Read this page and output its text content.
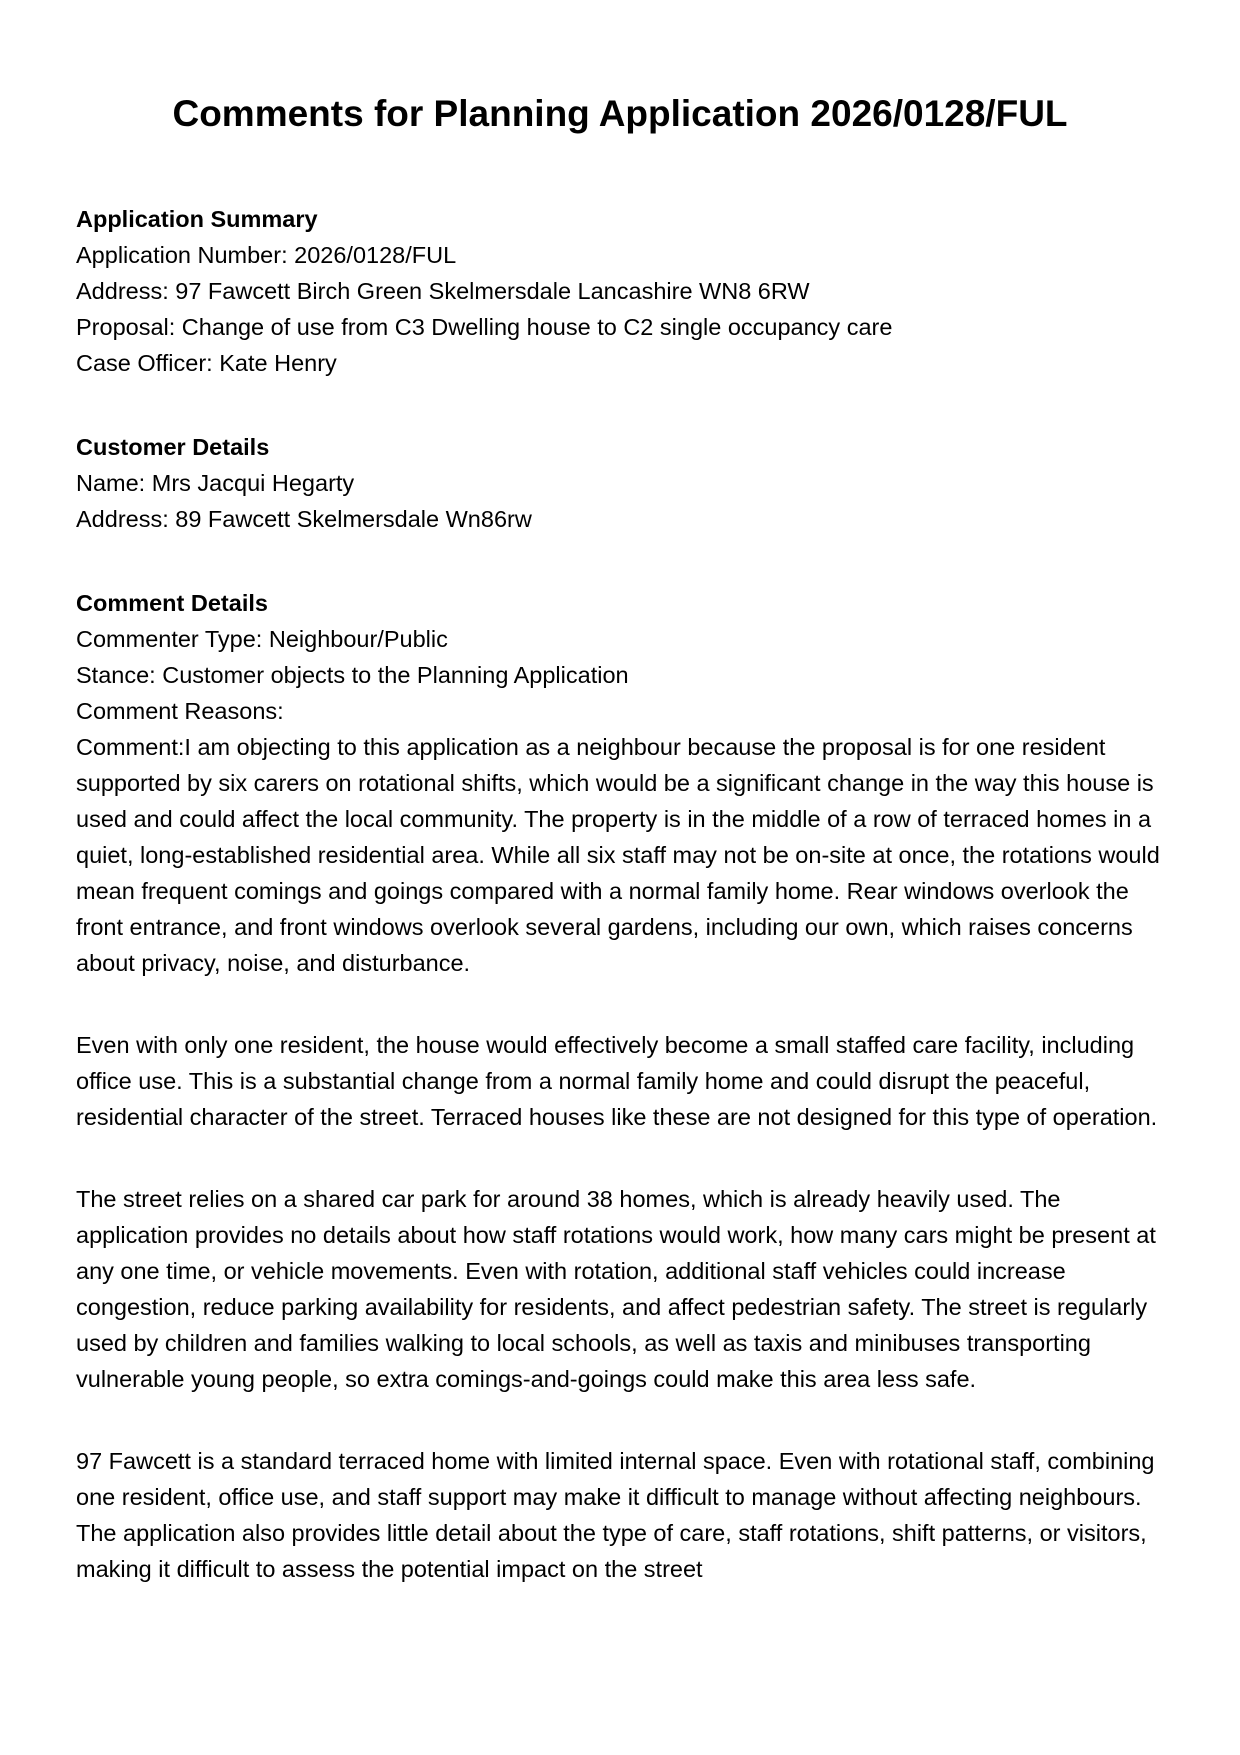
Comments for Planning Application 2026/0128/FUL
Application Summary
Application Number: 2026/0128/FUL
Address: 97 Fawcett Birch Green Skelmersdale Lancashire WN8 6RW
Proposal: Change of use from C3 Dwelling house to C2 single occupancy care
Case Officer: Kate Henry
Customer Details
Name: Mrs Jacqui Hegarty
Address: 89 Fawcett Skelmersdale Wn86rw
Comment Details
Commenter Type: Neighbour/Public
Stance: Customer objects to the Planning Application
Comment Reasons:

Comment:I am objecting to this application as a neighbour because the proposal is for one resident supported by six carers on rotational shifts, which would be a significant change in the way this house is used and could affect the local community. The property is in the middle of a row of terraced homes in a quiet, long-established residential area. While all six staff may not be on-site at once, the rotations would mean frequent comings and goings compared with a normal family home. Rear windows overlook the front entrance, and front windows overlook several gardens, including our own, which raises concerns about privacy, noise, and disturbance.

Even with only one resident, the house would effectively become a small staffed care facility, including office use. This is a substantial change from a normal family home and could disrupt the peaceful, residential character of the street. Terraced houses like these are not designed for this type of operation.

The street relies on a shared car park for around 38 homes, which is already heavily used. The application provides no details about how staff rotations would work, how many cars might be present at any one time, or vehicle movements. Even with rotation, additional staff vehicles could increase congestion, reduce parking availability for residents, and affect pedestrian safety. The street is regularly used by children and families walking to local schools, as well as taxis and minibuses transporting vulnerable young people, so extra comings-and-goings could make this area less safe.

97 Fawcett is a standard terraced home with limited internal space. Even with rotational staff, combining one resident, office use, and staff support may make it difficult to manage without affecting neighbours. The application also provides little detail about the type of care, staff rotations, shift patterns, or visitors, making it difficult to assess the potential impact on the street
